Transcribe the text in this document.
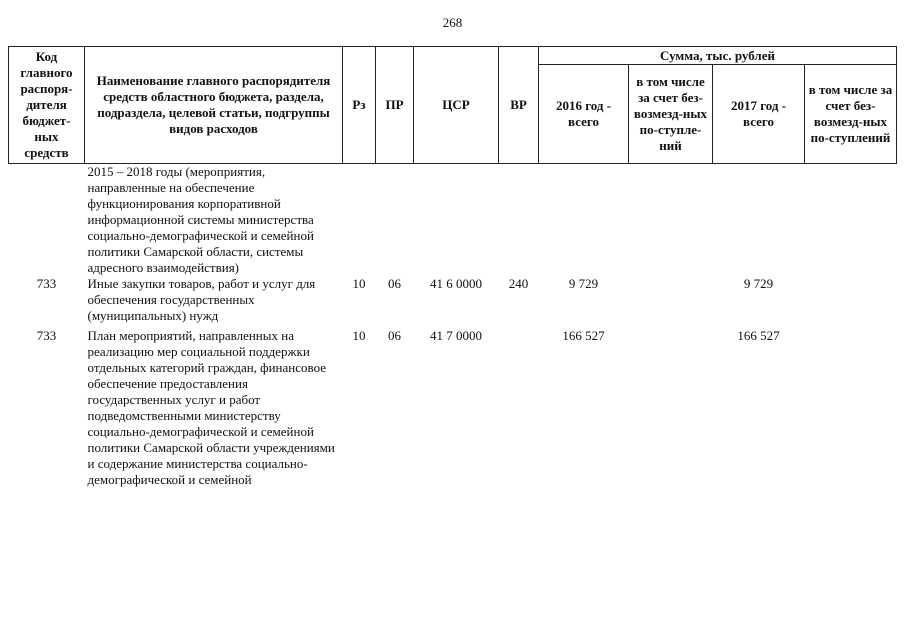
268
Код главного распоря-дителя бюджет-ных средств	Наименование главного распорядителя средств областного бюджета, раздела, подраздела, целевой статьи, подгруппы видов расходов	Рз	ПР	ЦСР	ВР	Сумма, тыс. рублей			
						2016 год - всего	в том числе за счет без-возмезд-ных по-ступле-ний	2017 год - всего	в том числе за счет без-возмезд-ных по-ступлений
	2015 – 2018 годы (мероприятия, направленные на обеспечение функционирования корпоративной информационной системы министерства социально-демографической и семейной политики Самарской области, системы адресного взаимодействия)								
733	Иные закупки товаров, работ и услуг для обеспечения государственных (муниципальных) нужд	10	06	41 6 0000	240	9 729		9 729	

733	План мероприятий, направленных на реализацию мер социальной поддержки отдельных категорий граждан, финансовое обеспечение предоставления государственных услуг и работ подведомственными министерству социально-демографической и семейной политики Самарской области учреждениями и содержание министерства социально-демографической и семейной	10	06	41 7 0000		166 527		166 527	
